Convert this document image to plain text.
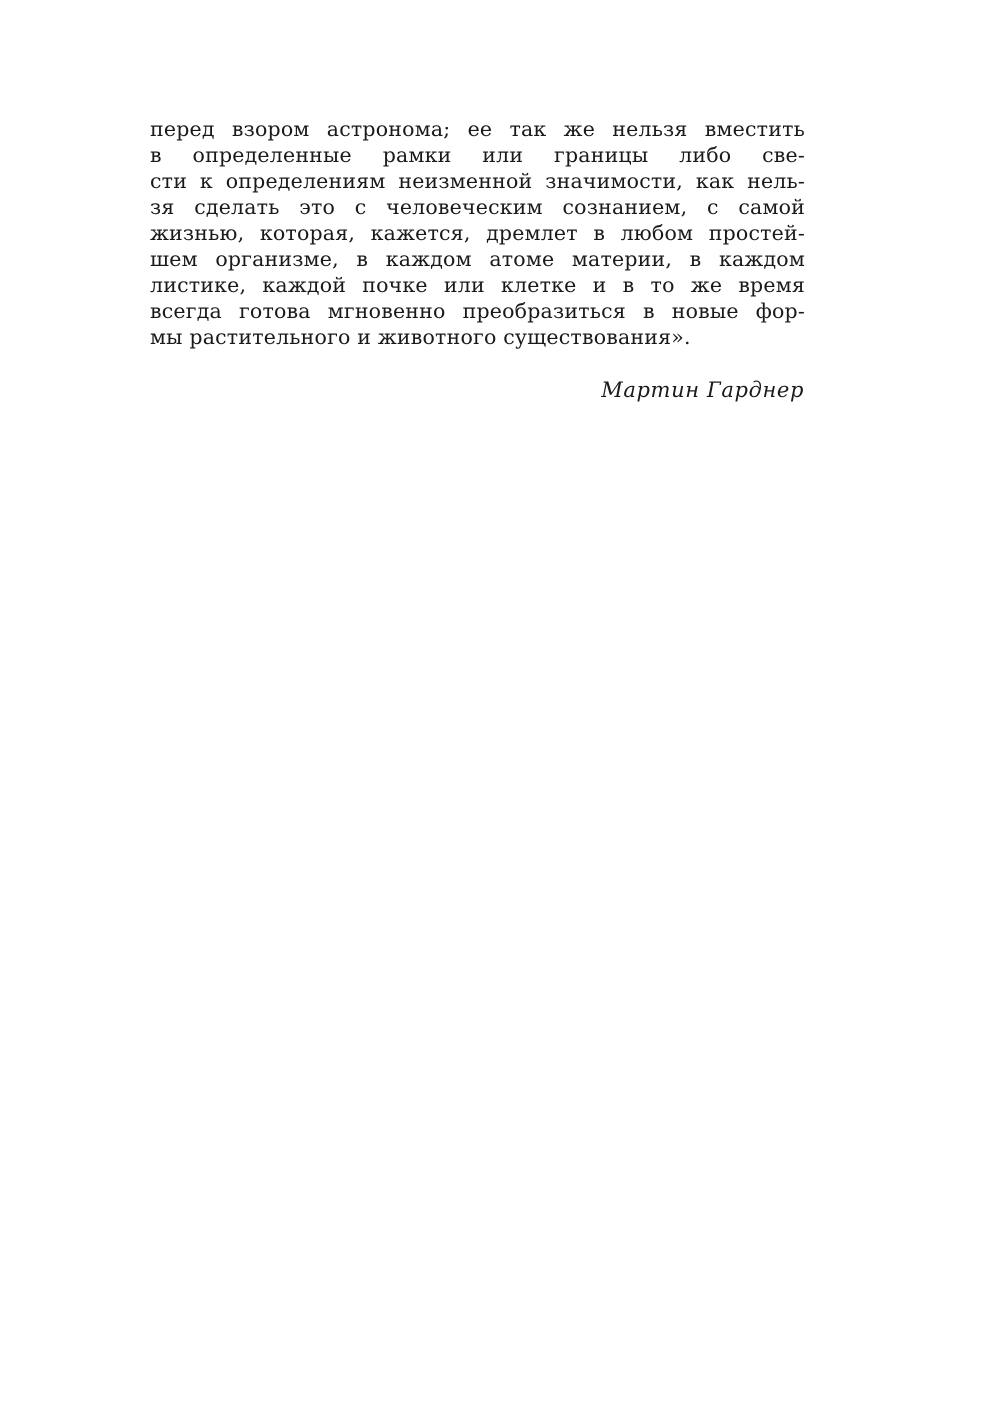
перед взором астронома; ее так же нельзя вместить
в определенные рамки или границы либо све-
сти к определениям неизменной значимости, как нель-
зя сделать это с человеческим сознанием, с самой
жизнью, которая, кажется, дремлет в любом простей-
шем организме, в каждом атоме материи, в каждом
листике, каждой почке или клетке и в то же время
всегда готова мгновенно преобразиться в новые фор-
мы растительного и животного существования».
Мартин Гарднер
